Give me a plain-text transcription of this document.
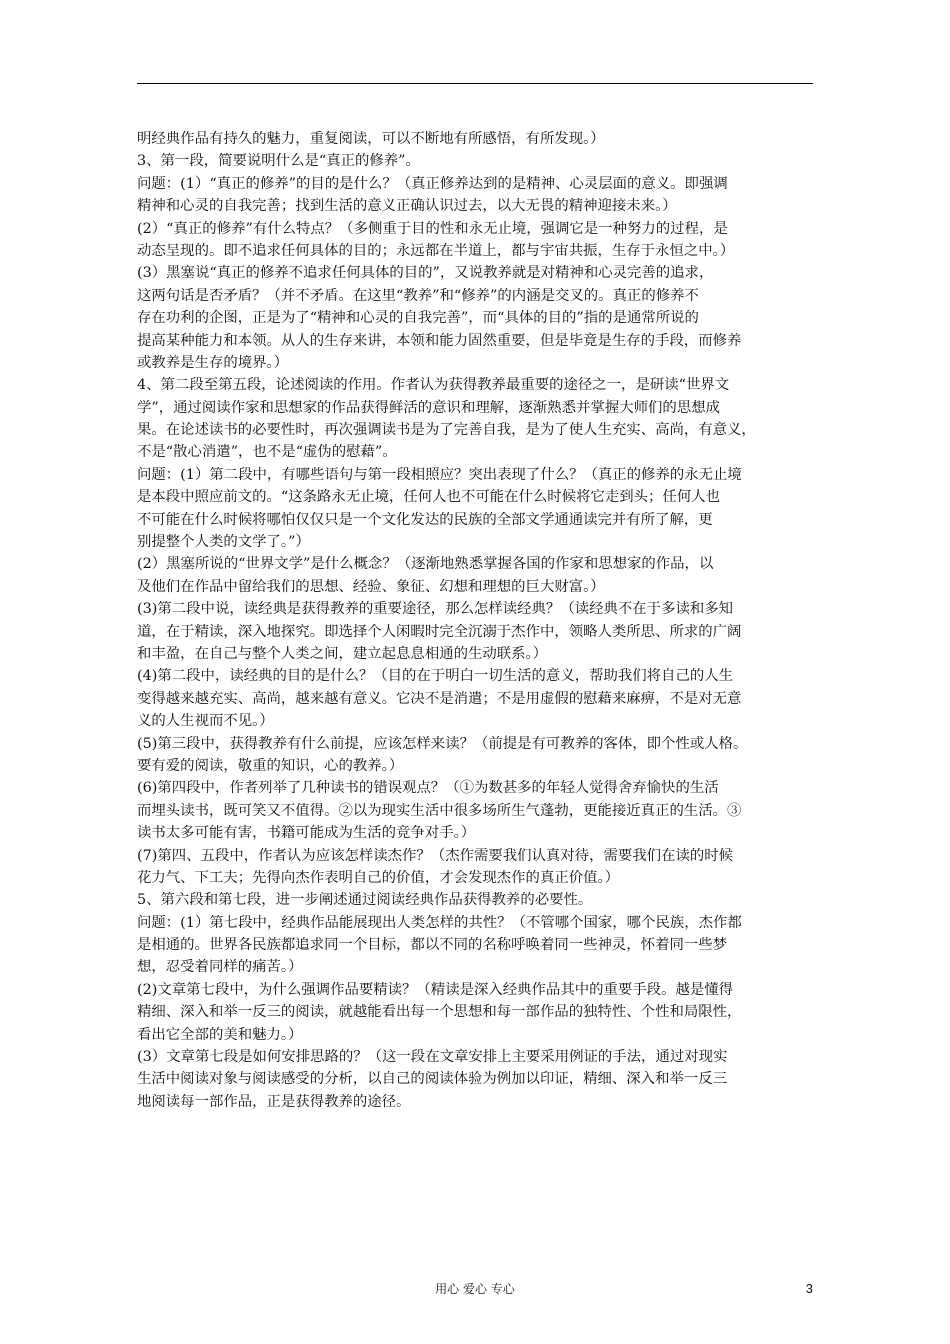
明经典作品有持久的魅力，重复阅读，可以不断地有所感悟，有所发现。）
3、第一段，简要说明什么是“真正的修养”。
问题：(1）“真正的修养”的目的是什么？（真正修养达到的是精神、心灵层面的意义。即强调
精神和心灵的自我完善；找到生活的意义正确认识过去，以大无畏的精神迎接未来。）
(2）“真正的修养”有什么特点？（多侧重于目的性和永无止境，强调它是一种努力的过程，是
动态呈现的。即不追求任何具体的目的；永远都在半道上，都与宇宙共振，生存于永恒之中。）
(3）黑塞说“真正的修养不追求任何具体的目的”，又说教养就是对精神和心灵完善的追求，
这两句话是否矛盾？（并不矛盾。在这里“教养”和“修养”的内涵是交叉的。真正的修养不
存在功利的企图，正是为了“精神和心灵的自我完善”，而“具体的目的”指的是通常所说的
提高某种能力和本领。从人的生存来讲，本领和能力固然重要，但是毕竟是生存的手段，而修养
或教养是生存的境界。）
4、第二段至第五段，论述阅读的作用。作者认为获得教养最重要的途径之一，是研读“世界文
学”，通过阅读作家和思想家的作品获得鲜活的意识和理解，逐渐熟悉并掌握大师们的思想成
果。在论述读书的必要性时，再次强调读书是为了完善自我，是为了使人生充实、高尚，有意义，
不是“散心消遣”，也不是“虚伪的慰藉”。
问题：(1）第二段中，有哪些语句与第一段相照应？突出表现了什么？（真正的修养的永无止境
是本段中照应前文的。“这条路永无止境，任何人也不可能在什么时候将它走到头；任何人也
不可能在什么时候将哪怕仅仅只是一个文化发达的民族的全部文学通通读完并有所了解，更
别提整个人类的文学了。”）
(2）黑塞所说的“世界文学”是什么概念？（逐渐地熟悉掌握各国的作家和思想家的作品，以
及他们在作品中留给我们的思想、经验、象征、幻想和理想的巨大财富。）
(3)第二段中说，读经典是获得教养的重要途径，那么怎样读经典？（读经典不在于多读和多知
道，在于精读，深入地探究。即选择个人闲暇时完全沉溺于杰作中，领略人类所思、所求的广阔
和丰盈，在自己与整个人类之间，建立起息息相通的生动联系。）
(4)第二段中，读经典的目的是什么？（目的在于明白一切生活的意义，帮助我们将自己的人生
变得越来越充实、高尚，越来越有意义。它决不是消遣；不是用虚假的慰藉来麻痹，不是对无意
义的人生视而不见。）
(5)第三段中，获得教养有什么前提，应该怎样来读？（前提是有可教养的客体，即个性或人格。
要有爱的阅读，敬重的知识，心的教养。）
(6)第四段中，作者列举了几种读书的错误观点？（①为数甚多的年轻人觉得舍弃愉快的生活
而埋头读书，既可笑又不值得。②以为现实生活中很多场所生气蓬勃，更能接近真正的生活。③
读书太多可能有害，书籍可能成为生活的竞争对手。）
(7)第四、五段中，作者认为应该怎样读杰作？（杰作需要我们认真对待，需要我们在读的时候
花力气、下工夫；先得向杰作表明自己的价值，才会发现杰作的真正价值。）
5、第六段和第七段，进一步阐述通过阅读经典作品获得教养的必要性。
问题：(1）第七段中，经典作品能展现出人类怎样的共性？（不管哪个国家，哪个民族，杰作都
是相通的。世界各民族都追求同一个目标，都以不同的名称呼唤着同一些神灵，怀着同一些梦
想，忍受着同样的痛苦。）
(2)文章第七段中，为什么强调作品要精读？（精读是深入经典作品其中的重要手段。越是懂得
精细、深入和举一反三的阅读，就越能看出每一个思想和每一部作品的独特性、个性和局限性，
看出它全部的美和魅力。）
(3）文章第七段是如何安排思路的？（这一段在文章安排上主要采用例证的手法，通过对现实
生活中阅读对象与阅读感受的分析，以自己的阅读体验为例加以印证，精细、深入和举一反三
地阅读每一部作品，正是获得教养的途径。
用心 爱心 专心	3
